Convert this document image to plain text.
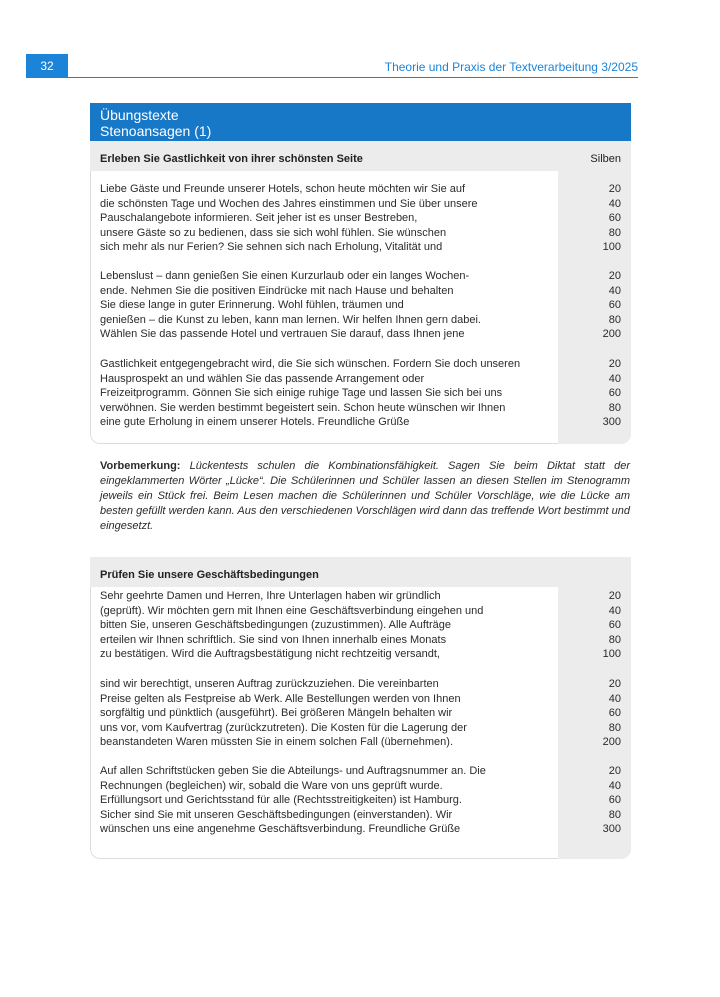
32	Theorie und Praxis der Textverarbeitung 3/2025
Übungstexte
Stenoansagen (1)
Erleben Sie Gastlichkeit von ihrer schönsten Seite	Silben
Liebe Gäste und Freunde unserer Hotels, schon heute möchten wir Sie auf
die schönsten Tage und Wochen des Jahres einstimmen und Sie über unsere
Pauschalangebote informieren. Seit jeher ist es unser Bestreben,
unsere Gäste so zu bedienen, dass sie sich wohl fühlen. Sie wünschen
sich mehr als nur Ferien? Sie sehnen sich nach Erholung, Vitalität und
20
40
60
80
100
Lebenslust – dann genießen Sie einen Kurzurlaub oder ein langes Wochen-
ende. Nehmen Sie die positiven Eindrücke mit nach Hause und behalten
Sie diese lange in guter Erinnerung. Wohl fühlen, träumen und
genießen – die Kunst zu leben, kann man lernen. Wir helfen Ihnen gern dabei.
Wählen Sie das passende Hotel und vertrauen Sie darauf, dass Ihnen jene
20
40
60
80
200
Gastlichkeit entgegengebracht wird, die Sie sich wünschen. Fordern Sie doch unseren
Hausprospekt an und wählen Sie das passende Arrangement oder
Freizeitprogramm. Gönnen Sie sich einige ruhige Tage und lassen Sie sich bei uns
verwöhnen. Sie werden bestimmt begeistert sein. Schon heute wünschen wir Ihnen
eine gute Erholung in einem unserer Hotels. Freundliche Grüße
20
40
60
80
300
Vorbemerkung: Lückentests schulen die Kombinationsfähigkeit. Sagen Sie beim Diktat statt der eingeklammerten Wörter „Lücke“. Die Schülerinnen und Schüler lassen an diesen Stellen im Stenogramm jeweils ein Stück frei. Beim Lesen machen die Schülerinnen und Schüler Vorschläge, wie die Lücke am besten gefüllt werden kann. Aus den verschiedenen Vorschlägen wird dann das treffende Wort bestimmt und eingesetzt.
Prüfen Sie unsere Geschäftsbedingungen
Sehr geehrte Damen und Herren, Ihre Unterlagen haben wir gründlich
(geprüft). Wir möchten gern mit Ihnen eine Geschäftsverbindung eingehen und
bitten Sie, unseren Geschäftsbedingungen (zuzustimmen). Alle Aufträge
erteilen wir Ihnen schriftlich. Sie sind von Ihnen innerhalb eines Monats
zu bestätigen. Wird die Auftragsbestätigung nicht rechtzeitig versandt,
20
40
60
80
100
sind wir berechtigt, unseren Auftrag zurückzuziehen. Die vereinbarten
Preise gelten als Festpreise ab Werk. Alle Bestellungen werden von Ihnen
sorgfältig und pünktlich (ausgeführt). Bei größeren Mängeln behalten wir
uns vor, vom Kaufvertrag (zurückzutreten). Die Kosten für die Lagerung der
beanstandeten Waren müssten Sie in einem solchen Fall (übernehmen).
20
40
60
80
200
Auf allen Schriftstücken geben Sie die Abteilungs- und Auftragsnummer an. Die
Rechnungen (begleichen) wir, sobald die Ware von uns geprüft wurde.
Erfüllungsort und Gerichtsstand für alle (Rechtsstreitigkeiten) ist Hamburg.
Sicher sind Sie mit unseren Geschäftsbedingungen (einverstanden). Wir
wünschen uns eine angenehme Geschäftsverbindung. Freundliche Grüße
20
40
60
80
300
